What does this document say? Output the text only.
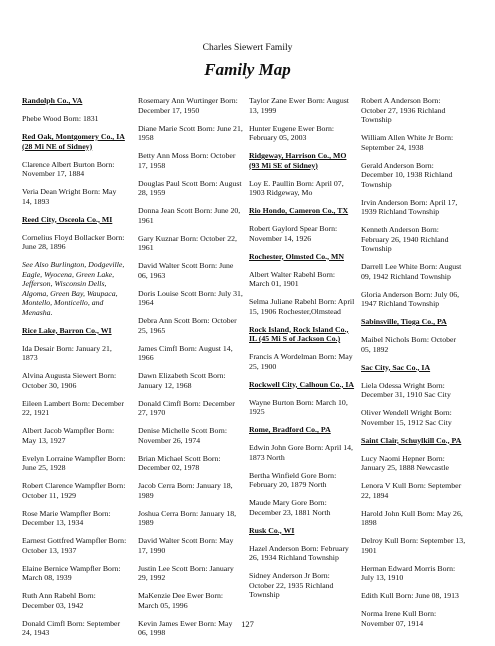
Charles Siewert Family
Family Map
Randolph Co., VA
Phebe Wood Born: 1831
Red Oak, Montgomery Co., IA (28 Mi NE of Sidney)
Clarence Albert Burton Born: November 17, 1884
Veria Dean Wright Born: May 14, 1893
Reed City, Osceola Co., MI
Cornelius Floyd Bollacker Born: June 28, 1896
See Also Burlington, Dodgeville, Eagle, Wyocena, Green Lake, Jefferson, Wisconsin Dells, Algoma, Green Bay, Waupaca, Montello, Monticello, and Menasha.
Rice Lake, Barron Co., WI
Ida Desair Born: January 21, 1873
Alvina Augusta Siewert Born: October 30, 1906
Eileen Lambert Born: December 22, 1921
Albert Jacob Wampfler Born: May 13, 1927
Evelyn Lorraine Wampfler Born: June 25, 1928
Robert Clarence Wampfler Born: October 11, 1929
Rose Marie Wampfler Born: December 13, 1934
Earnest Gottfred Wampfler Born: October 13, 1937
Elaine Bernice Wampfler Born: March 08, 1939
Ruth Ann Rabehl Born: December 03, 1942
Donald Cimfl Born: September 24, 1943
Rosemary Ann Wurtinger Born: December 17, 1950
Diane Marie Scott Born: June 21, 1958
Betty Ann Moss Born: October 17, 1958
Douglas Paul Scott Born: August 28, 1959
Donna Jean Scott Born: June 20, 1961
Gary Kuznar Born: October 22, 1961
David Walter Scott Born: June 06, 1963
Doris Louise Scott Born: July 31, 1964
Debra Ann Scott Born: October 25, 1965
James Cimfl Born: August 14, 1966
Dawn Elizabeth Scott Born: January 12, 1968
Donald Cimfl Born: December 27, 1970
Denise Michelle Scott Born: November 26, 1974
Brian Michael Scott Born: December 02, 1978
Jacob Cerra Born: January 18, 1989
Joshua Cerra Born: January 18, 1989
David Walter Scott Born: May 17, 1990
Justin Lee Scott Born: January 29, 1992
MaKenzie Dee Ewer Born: March 05, 1996
Kevin James Ewer Born: May 06, 1998
Taylor Zane Ewer Born: August 13, 1999
Hunter Eugene Ewer Born: February 05, 2003
Ridgeway, Harrison Co., MO (93 Mi SE of Sidney)
Loy E. Paullin Born: April 07, 1903 Ridgeway, Mo
Rio Hondo, Cameron Co., TX
Robert Gaylord Spear Born: November 14, 1926
Rochester, Olmsted Co., MN
Albert Walter Rabehl Born: March 01, 1901
Selma Juliane Rabehl Born: April 15, 1906 Rochester,Olmstead
Rock Island, Rock Island Co., IL (45 Mi S of Jackson Co.)
Francis A Wordelman Born: May 25, 1900
Rockwell City, Calhoun Co., IA
Wayne Burton Born: March 10, 1925
Rome, Bradford Co., PA
Edwin John Gore Born: April 14, 1873 North
Bertha Winfield Gore Born: February 20, 1879 North
Maude Mary Gore Born: December 23, 1881 North
Rusk Co., WI
Hazel Anderson Born: February 26, 1934 Richland Township
Sidney Anderson Jr Born: October 22, 1935 Richland Township
Robert A Anderson Born: October 27, 1936 Richland Township
William Allen White Jr Born: September 24, 1938
Gerald Anderson Born: December 10, 1938 Richland Township
Irvin Anderson Born: April 17, 1939 Richland Township
Kenneth Anderson Born: February 26, 1940 Richland Township
Darrell Lee White Born: August 09, 1942 Richland Township
Gloria Anderson Born: July 06, 1947 Richland Township
Sabinsville, Tioga Co., PA
Maibel Nichols Born: October 05, 1892
Sac City, Sac Co., IA
Liela Odessa Wright Born: December 31, 1910 Sac City
Oliver Wendell Wright Born: November 15, 1912 Sac City
Saint Clair, Schuylkill Co., PA
Lucy Naomi Hepner Born: January 25, 1888 Newcastle
Lenora V Kull Born: September 22, 1894
Harold John Kull Born: May 26, 1898
Delroy Kull Born: September 13, 1901
Herman Edward Morris Born: July 13, 1910
Edith Kull Born: June 08, 1913
Norma Irene Kull Born: November 07, 1914
127
